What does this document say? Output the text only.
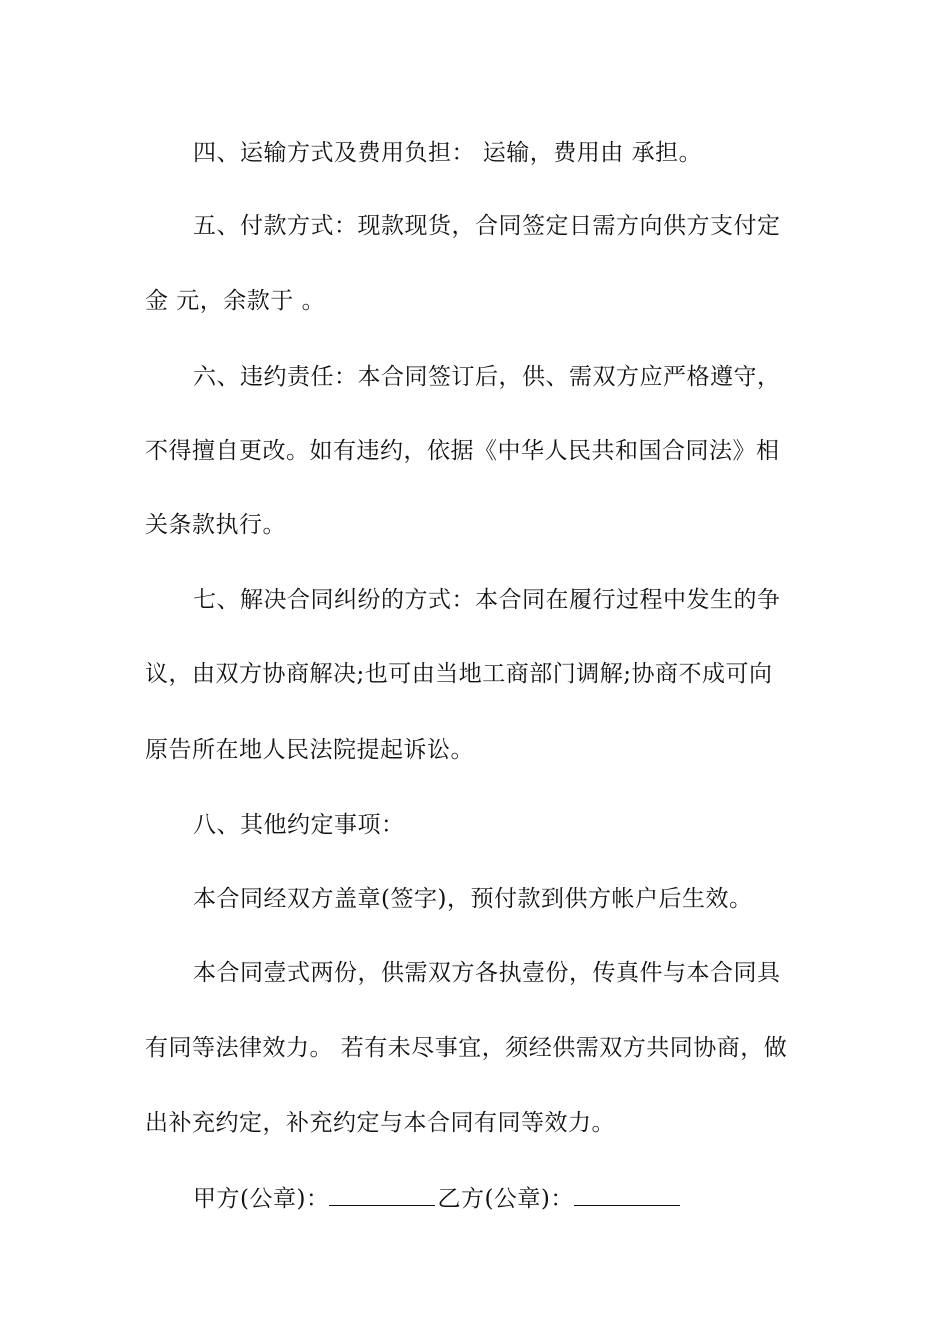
四、运输方式及费用负担： 运输，费用由 承担。
五、付款方式：现款现货，合同签定日需方向供方支付定
金 元，余款于 。
六、违约责任：本合同签订后，供、需双方应严格遵守，
不得擅自更改。如有违约，依据《中华人民共和国合同法》相
关条款执行。
七、解决合同纠纷的方式：本合同在履行过程中发生的争
议，由双方协商解决;也可由当地工商部门调解;协商不成可向
原告所在地人民法院提起诉讼。
八、其他约定事项：
本合同经双方盖章(签字)，预付款到供方帐户后生效。
本合同壹式两份，供需双方各执壹份，传真件与本合同具
有同等法律效力。 若有未尽事宜，须经供需双方共同协商，做
出补充约定，补充约定与本合同有同等效力。
甲方(公章)：	乙方(公章)：
